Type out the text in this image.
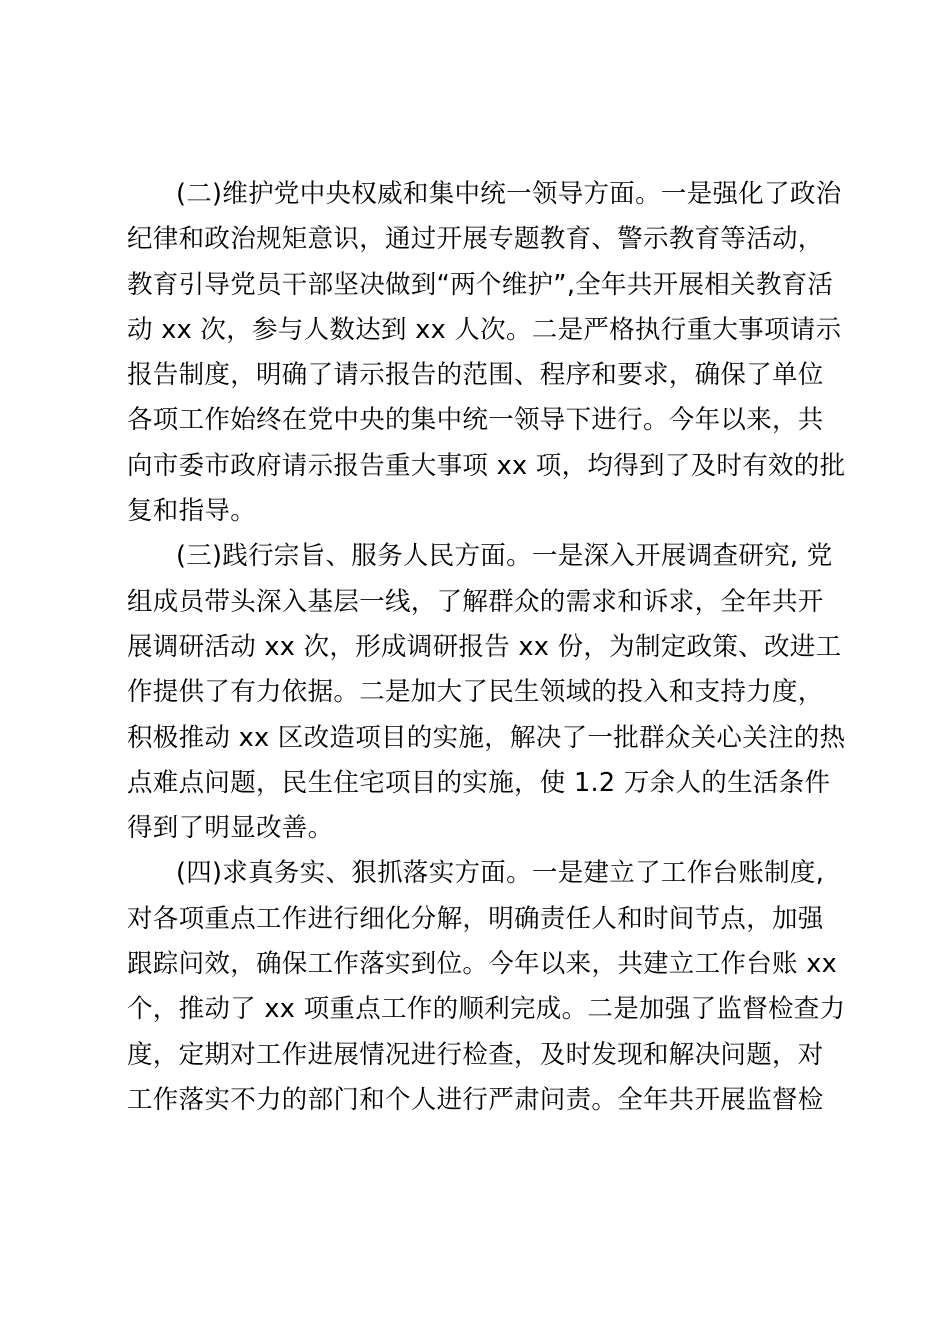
(二)维护党中央权威和集中统一领导方面。一是强化了政治
纪律和政治规矩意识，通过开展专题教育、警示教育等活动，
教育引导党员干部坚决做到“两个维护”,全年共开展相关教育活
动 xx 次，参与人数达到 xx 人次。二是严格执行重大事项请示
报告制度，明确了请示报告的范围、程序和要求，确保了单位
各项工作始终在党中央的集中统一领导下进行。今年以来，共
向市委市政府请示报告重大事项 xx 项，均得到了及时有效的批
复和指导。
(三)践行宗旨、服务人民方面。一是深入开展调查研究, 党
组成员带头深入基层一线，了解群众的需求和诉求，全年共开
展调研活动 xx 次，形成调研报告 xx 份，为制定政策、改进工
作提供了有力依据。二是加大了民生领域的投入和支持力度，
积极推动 xx 区改造项目的实施，解决了一批群众关心关注的热
点难点问题，民生住宅项目的实施，使 1.2 万余人的生活条件
得到了明显改善。
(四)求真务实、狠抓落实方面。一是建立了工作台账制度,
对各项重点工作进行细化分解，明确责任人和时间节点，加强
跟踪问效，确保工作落实到位。今年以来，共建立工作台账 xx
个，推动了 xx 项重点工作的顺利完成。二是加强了监督检查力
度，定期对工作进展情况进行检查，及时发现和解决问题，对
工作落实不力的部门和个人进行严肃问责。全年共开展监督检
